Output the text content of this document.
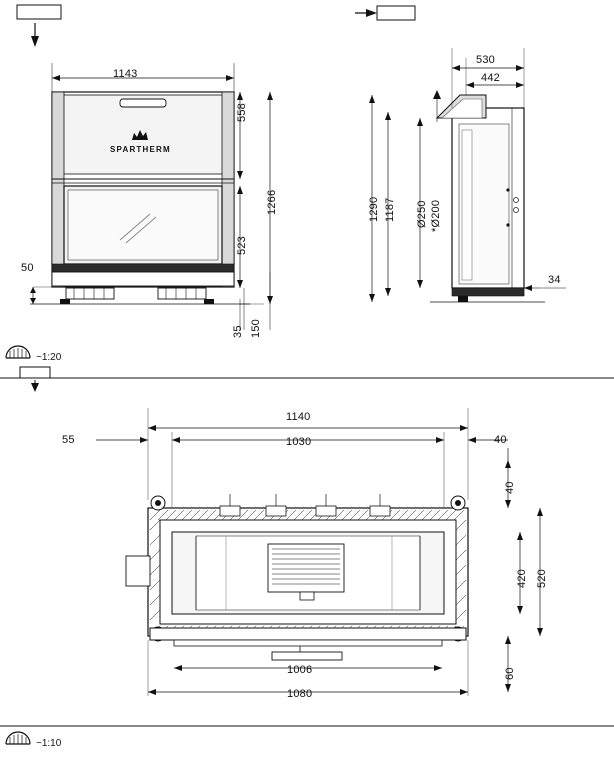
SPARTHERM
1143
558
1266
523
50
35 150
530
442
Ø250 *Ø200
1290 1187
34
1140
1030
55	40
40
420 520
60
1006
1080
~1:20
~1:10
